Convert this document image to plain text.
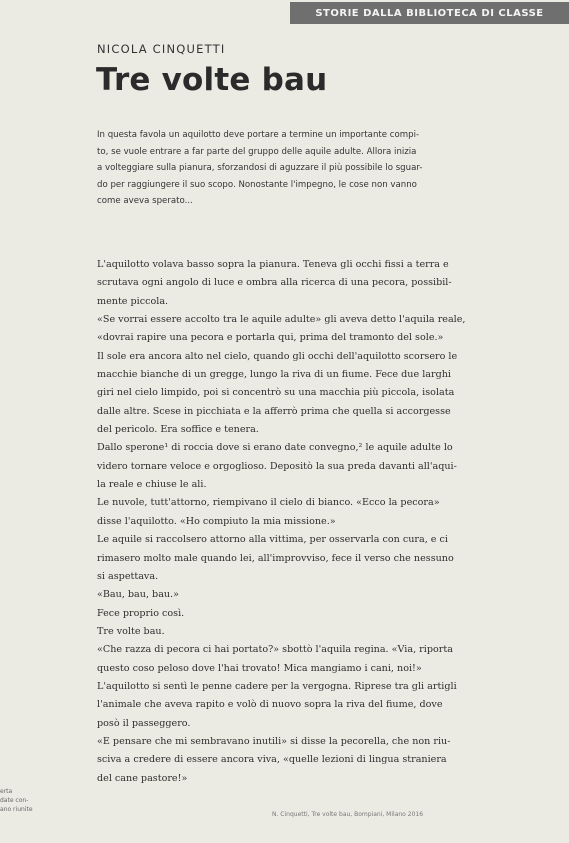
STORIE DALLA BIBLIOTECA DI CLASSE
NICOLA CINQUETTI
Tre volte bau
In questa favola un aquilotto deve portare a termine un importante compi-
to, se vuole entrare a far parte del gruppo delle aquile adulte. Allora inizia
a volteggiare sulla pianura, sforzandosi di aguzzare il più possibile lo sguar-
do per raggiungere il suo scopo. Nonostante l'impegno, le cose non vanno
come aveva sperato...
L'aquilotto volava basso sopra la pianura. Teneva gli occhi fissi a terra e
scrutava ogni angolo di luce e ombra alla ricerca di una pecora, possibil-
mente piccola.
«Se vorrai essere accolto tra le aquile adulte» gli aveva detto l'aquila reale,
«dovrai rapire una pecora e portarla qui, prima del tramonto del sole.»
Il sole era ancora alto nel cielo, quando gli occhi dell'aquilotto scorsero le
macchie bianche di un gregge, lungo la riva di un fiume. Fece due larghi
giri nel cielo limpido, poi si concentrò su una macchia più piccola, isolata
dalle altre. Scese in picchiata e la afferrò prima che quella si accorgesse
del pericolo. Era soffice e tenera.
Dallo sperone¹ di roccia dove si erano date convegno,² le aquile adulte lo
videro tornare veloce e orgoglioso. Depositò la sua preda davanti all'aqui-
la reale e chiuse le ali.
Le nuvole, tutt'attorno, riempivano il cielo di bianco. «Ecco la pecora»
disse l'aquilotto. «Ho compiuto la mia missione.»
Le aquile si raccolsero attorno alla vittima, per osservarla con cura, e ci
rimasero molto male quando lei, all'improvviso, fece il verso che nessuno
si aspettava.
«Bau, bau, bau.»
Fece proprio così.
Tre volte bau.
«Che razza di pecora ci hai portato?» sbottò l'aquila regina. «Via, riporta
questo coso peloso dove l'hai trovato! Mica mangiamo i cani, noi!»
L'aquilotto si sentì le penne cadere per la vergogna. Riprese tra gli artigli
l'animale che aveva rapito e volò di nuovo sopra la riva del fiume, dove
posò il passeggero.
«E pensare che mi sembravano inutili» si disse la pecorella, che non riu-
sciva a credere di essere ancora viva, «quelle lezioni di lingua straniera
del cane pastore!»
erta
date con-
ano riunite
N. Cinquetti, Tre volte bau, Bompiani, Milano 2016
